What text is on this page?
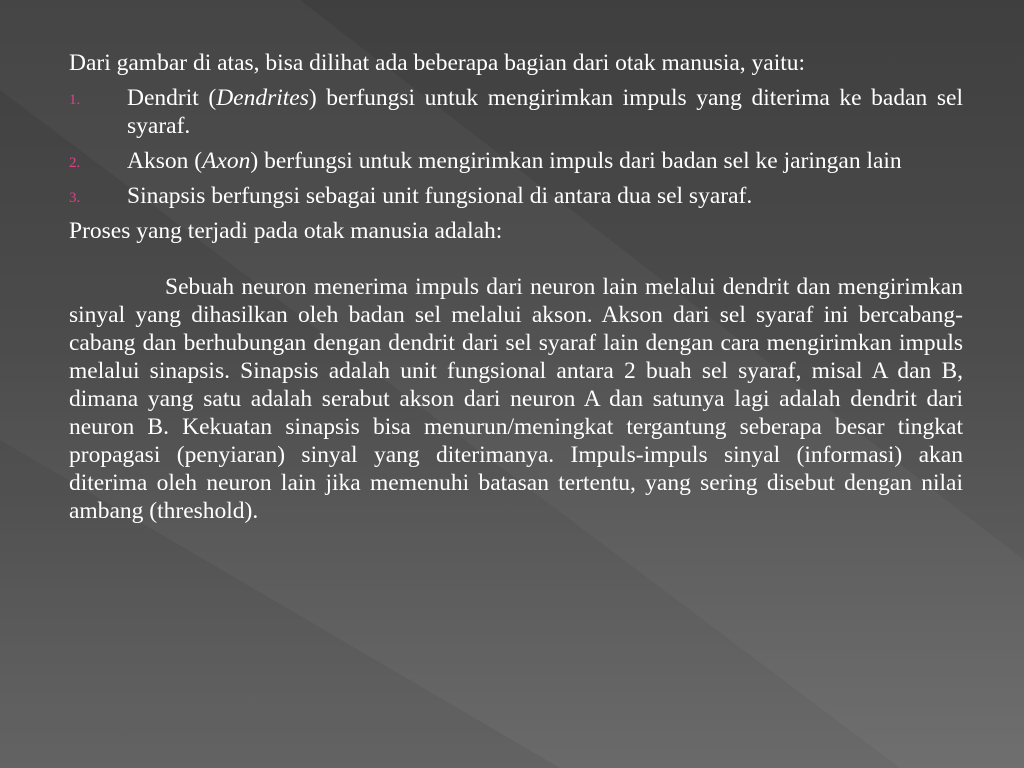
Dari gambar di atas, bisa dilihat ada beberapa bagian dari otak manusia, yaitu:

1. Dendrit (Dendrites) berfungsi untuk mengirimkan impuls yang diterima ke badan sel syaraf.
2. Akson (Axon) berfungsi untuk mengirimkan impuls dari badan sel ke jaringan lain
3. Sinapsis berfungsi sebagai unit fungsional di antara dua sel syaraf.

Proses yang terjadi pada otak manusia adalah:

Sebuah neuron menerima impuls dari neuron lain melalui dendrit dan mengirimkan sinyal yang dihasilkan oleh badan sel melalui akson. Akson dari sel syaraf ini bercabang-cabang dan berhubungan dengan dendrit dari sel syaraf lain dengan cara mengirimkan impuls melalui sinapsis. Sinapsis adalah unit fungsional antara 2 buah sel syaraf, misal A dan B, dimana yang satu adalah serabut akson dari neuron A dan satunya lagi adalah dendrit dari neuron B. Kekuatan sinapsis bisa menurun/meningkat tergantung seberapa besar tingkat propagasi (penyiaran) sinyal yang diterimanya. Impuls-impuls sinyal (informasi) akan diterima oleh neuron lain jika memenuhi batasan tertentu, yang sering disebut dengan nilai ambang (threshold).
